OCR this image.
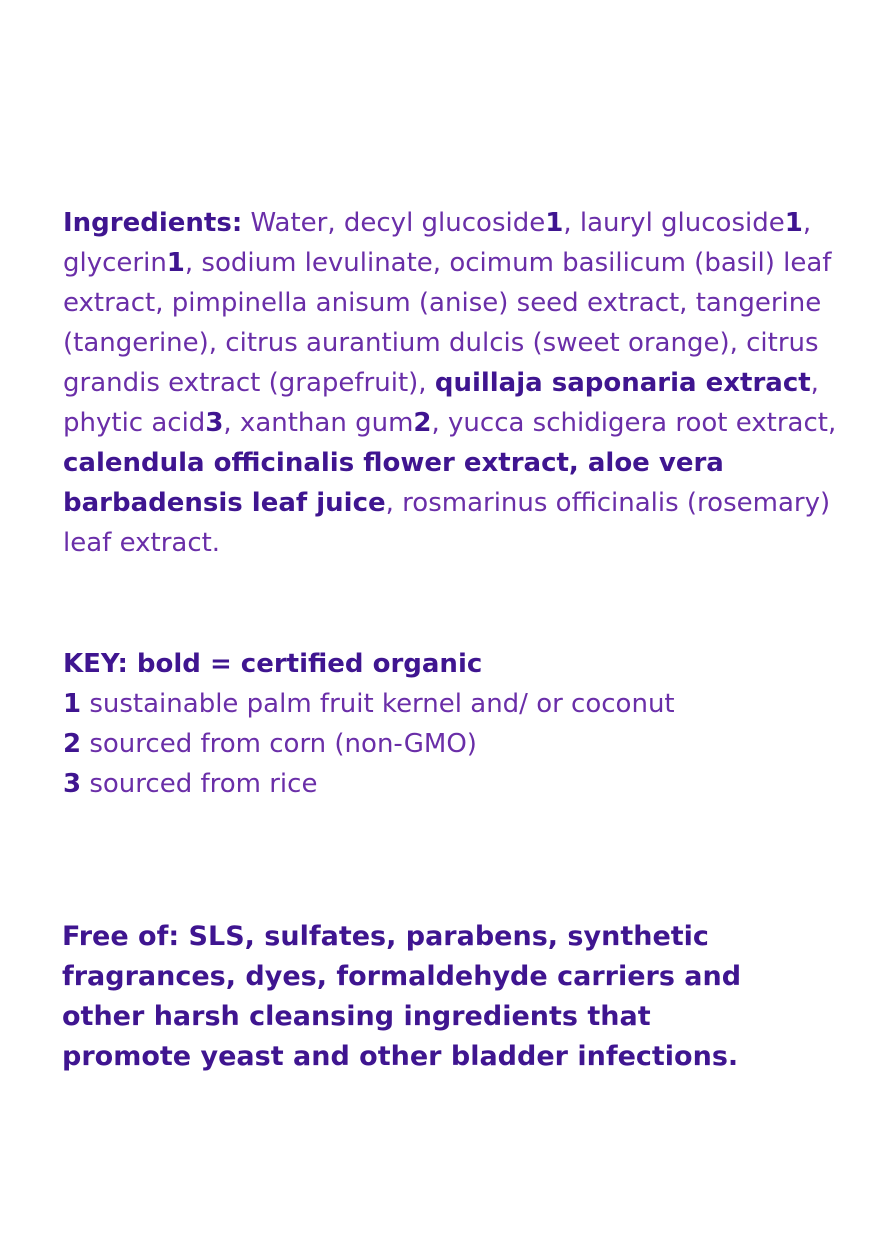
Ingredients: Water, decyl glucoside1, lauryl glucoside1, glycerin1, sodium levulinate, ocimum basilicum (basil) leaf extract, pimpinella anisum (anise) seed extract, tangerine (tangerine), citrus aurantium dulcis (sweet orange), citrus grandis extract (grapefruit), quillaja saponaria extract, phytic acid3, xanthan gum2, yucca schidigera root extract, calendula officinalis flower extract, aloe vera barbadensis leaf juice, rosmarinus officinalis (rosemary) leaf extract.
KEY: bold = certified organic
1 sustainable palm fruit kernel and/ or coconut
2 sourced from corn (non-GMO)
3 sourced from rice
Free of: SLS, sulfates, parabens, synthetic fragrances, dyes, formaldehyde carriers and other harsh cleansing ingredients that promote yeast and other bladder infections.
